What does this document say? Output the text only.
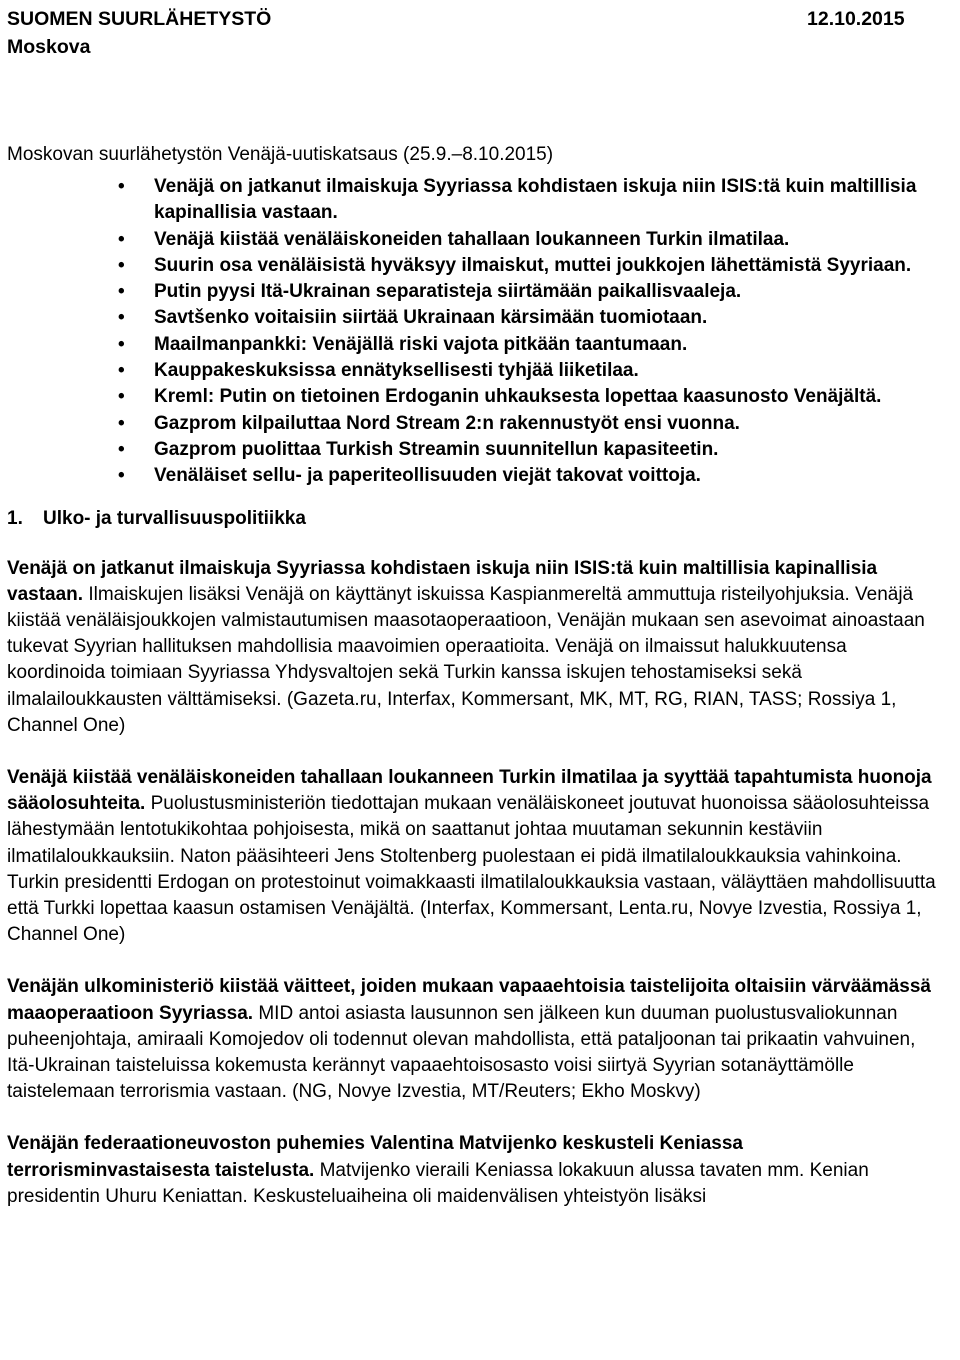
SUOMEN SUURLÄHETYSTÖ	12.10.2015
Moskova
Moskovan suurlähetystön Venäjä-uutiskatsaus (25.9.–8.10.2015)
• Venäjä on jatkanut ilmaiskuja Syyriassa kohdistaen iskuja niin ISIS:tä kuin maltillisia kapinallisia vastaan.
• Venäjä kiistää venäläiskoneiden tahallaan loukanneen Turkin ilmatilaa.
• Suurin osa venäläisistä hyväksyy ilmaiskut, muttei joukkojen lähettämistä Syyriaan.
• Putin pyysi Itä-Ukrainan separatisteja siirtämään paikallisvaaleja.
• Savtšenko voitaisiin siirtää Ukrainaan kärsimään tuomiotaan.
• Maailmanpankki: Venäjällä riski vajota pitkään taantumaan.
• Kauppakeskuksissa ennätyksellisesti tyhjää liiketilaa.
• Kreml: Putin on tietoinen Erdoganin uhkauksesta lopettaa kaasunosto Venäjältä.
• Gazprom kilpailuttaa Nord Stream 2:n rakennustyöt ensi vuonna.
• Gazprom puolittaa Turkish Streamin suunnitellun kapasiteetin.
• Venäläiset sellu- ja paperiteollisuuden viejät takovat voittoja.
1. Ulko- ja turvallisuuspolitiikka

Venäjä on jatkanut ilmaiskuja Syyriassa kohdistaen iskuja niin ISIS:tä kuin maltillisia kapinallisia vastaan. Ilmaiskujen lisäksi Venäjä on käyttänyt iskuissa Kaspianmereltä ammuttuja risteilyohjuksia. Venäjä kiistää venäläisjoukkojen valmistautumisen maasotaoperaatioon, Venäjän mukaan sen asevoimat ainoastaan tukevat Syyrian hallituksen mahdollisia maavoimien operaatioita. Venäjä on ilmaissut halukkuutensa koordinoida toimiaan Syyriassa Yhdysvaltojen sekä Turkin kanssa iskujen tehostamiseksi sekä ilmalailoukkausten välttämiseksi. (Gazeta.ru, Interfax, Kommersant, MK, MT, RG, RIAN, TASS; Rossiya 1, Channel One)

Venäjä kiistää venäläiskoneiden tahallaan loukanneen Turkin ilmatilaa ja syyttää tapahtumista huonoja sääolosuhteita. Puolustusministeriön tiedottajan mukaan venäläiskoneet joutuvat huonoissa sääolosuhteissa lähestymään lentotukikohtaa pohjoisesta, mikä on saattanut johtaa muutaman sekunnin kestäviin ilmatilaloukkauksiin. Naton pääsihteeri Jens Stoltenberg puolestaan ei pidä ilmatilaloukkauksia vahinkoina. Turkin presidentti Erdogan on protestoinut voimakkaasti ilmatilaloukkauksia vastaan, väläyttäen mahdollisuutta että Turkki lopettaa kaasun ostamisen Venäjältä. (Interfax, Kommersant, Lenta.ru, Novye Izvestia, Rossiya 1, Channel One)

Venäjän ulkoministeriö kiistää väitteet, joiden mukaan vapaaehtoisia taistelijoita oltaisiin värväämässä maaoperaatioon Syyriassa. MID antoi asiasta lausunnon sen jälkeen kun duuman puolustusvaliokunnan puheenjohtaja, amiraali Komojedov oli todennut olevan mahdollista, että pataljoonan tai prikaatin vahvuinen, Itä-Ukrainan taisteluissa kokemusta kerännyt vapaaehtoisosasto voisi siirtyä Syyrian sotanäyttämölle taistelemaan terrorismia vastaan. (NG, Novye Izvestia, MT/Reuters; Ekho Moskvy)

Venäjän federaationeuvoston puhemies Valentina Matvijenko keskusteli Keniassa terrorisminvastaisesta taistelusta. Matvijenko vieraili Keniassa lokakuun alussa tavaten mm. Kenian presidentin Uhuru Keniattan. Keskusteluaiheina oli maidenvälisen yhteistyön lisäksi
